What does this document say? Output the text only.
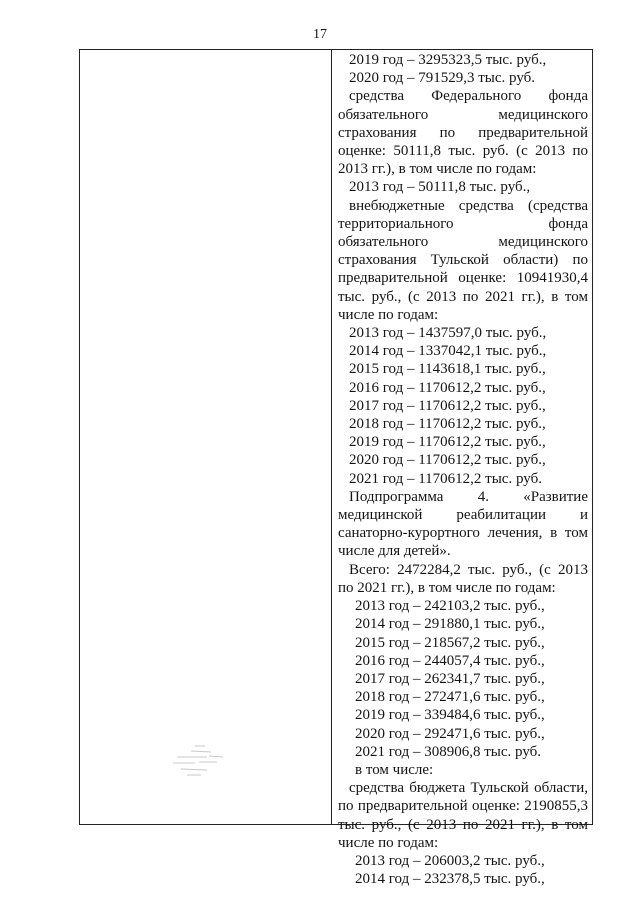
17
2019 год – 3295323,5 тыс. руб.,
2020 год – 791529,3 тыс. руб.
средства Федерального фонда обязательного медицинского страхования по предварительной оценке: 50111,8 тыс. руб. (с 2013 по 2013 гг.), в том числе по годам:
2013 год – 50111,8 тыс. руб.,
внебюджетные средства (средства территориального фонда обязательного медицинского страхования Тульской области) по предварительной оценке: 10941930,4 тыс. руб., (с 2013 по 2021 гг.), в том числе по годам:
2013 год – 1437597,0 тыс. руб.,
2014 год – 1337042,1 тыс. руб.,
2015 год – 1143618,1 тыс. руб.,
2016 год – 1170612,2 тыс. руб.,
2017 год – 1170612,2 тыс. руб.,
2018 год – 1170612,2 тыс. руб.,
2019 год – 1170612,2 тыс. руб.,
2020 год – 1170612,2 тыс. руб.,
2021 год – 1170612,2 тыс. руб.
Подпрограмма 4. «Развитие медицинской реабилитации и санаторно-курортного лечения, в том числе для детей».
Всего: 2472284,2 тыс. руб., (с 2013 по 2021 гг.), в том числе по годам:
2013 год – 242103,2 тыс. руб.,
2014 год – 291880,1 тыс. руб.,
2015 год – 218567,2 тыс. руб.,
2016 год – 244057,4 тыс. руб.,
2017 год – 262341,7 тыс. руб.,
2018 год – 272471,6 тыс. руб.,
2019 год – 339484,6 тыс. руб.,
2020 год – 292471,6 тыс. руб.,
2021 год – 308906,8 тыс. руб.
в том числе:
средства бюджета Тульской области, по предварительной оценке: 2190855,3 тыс. руб., (с 2013 по 2021 гг.), в том числе по годам:
2013 год – 206003,2 тыс. руб.,
2014 год – 232378,5 тыс. руб.,
